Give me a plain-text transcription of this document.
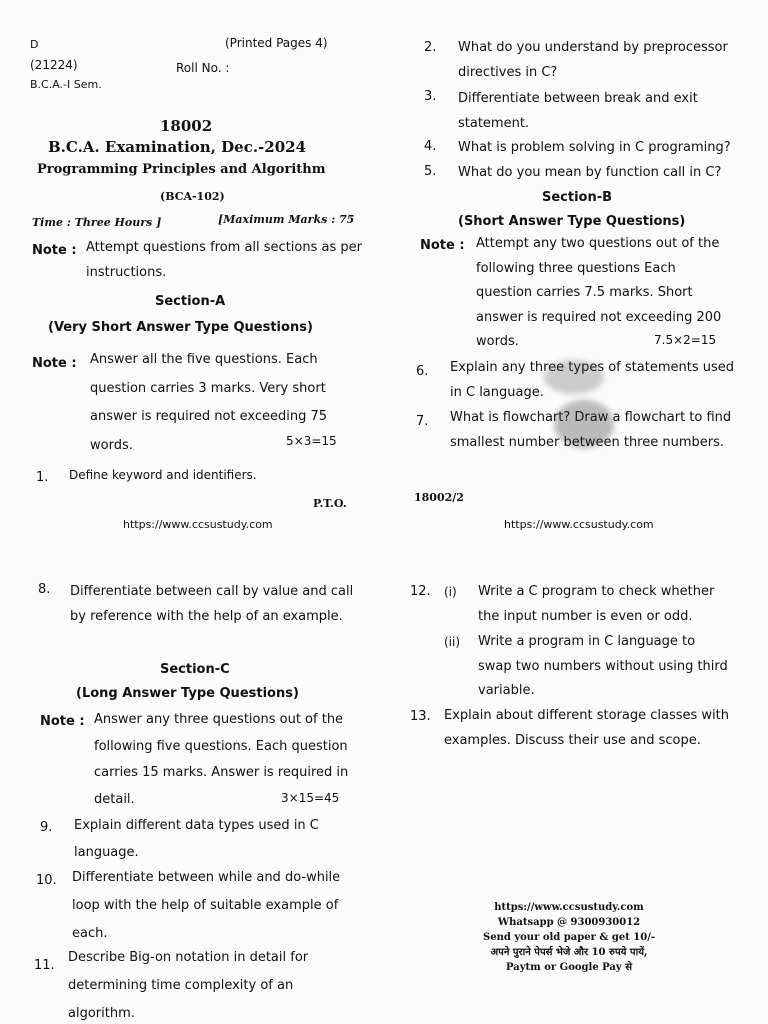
D	(Printed Pages 4)
(21224)	Roll No. :
B.C.A.-I Sem.
18002
B.C.A. Examination, Dec.-2024
Programming Principles and Algorithm
(BCA-102)
Time : Three Hours ]	[Maximum Marks : 75
Note : Attempt questions from all sections as per instructions.
Section-A
(Very Short Answer Type Questions)
Note : Answer all the five questions. Each question carries 3 marks. Very short answer is required not exceeding 75 words.	5×3=15
1. Define keyword and identifiers.
P.T.O.
https://www.ccsustudy.com
2. What do you understand by preprocessor directives in C?
3. Differentiate between break and exit statement.
4. What is problem solving in C programing?
5. What do you mean by function call in C?
Section-B
(Short Answer Type Questions)
Note : Attempt any two questions out of the following three questions Each question carries 7.5 marks. Short answer is required not exceeding 200 words.	7.5×2=15
6. Explain any three types of statements used in C language.
7. What is flowchart? Draw a flowchart to find smallest number between three numbers.
18002/2
https://www.ccsustudy.com
8. Differentiate between call by value and call by reference with the help of an example.
Section-C
(Long Answer Type Questions)
Note : Answer any three questions out of the following five questions. Each question carries 15 marks. Answer is required in detail.	3×15=45
9. Explain different data types used in C language.
10. Differentiate between while and do-while loop with the help of suitable example of each.
11.
Describe Big-on notation in detail for determining time complexity of an algorithm.
12. (i) Write a C program to check whether the input number is even or odd.
(ii) Write a program in C language to swap two numbers without using third variable.
13. Explain about different storage classes with examples. Discuss their use and scope.
https://www.ccsustudy.com
Whatsapp @ 9300930012
Send your old paper & get 10/-
अपने पुराने पेपर्स भेजे और 10 रुपये पायें,
Paytm or Google Pay से
